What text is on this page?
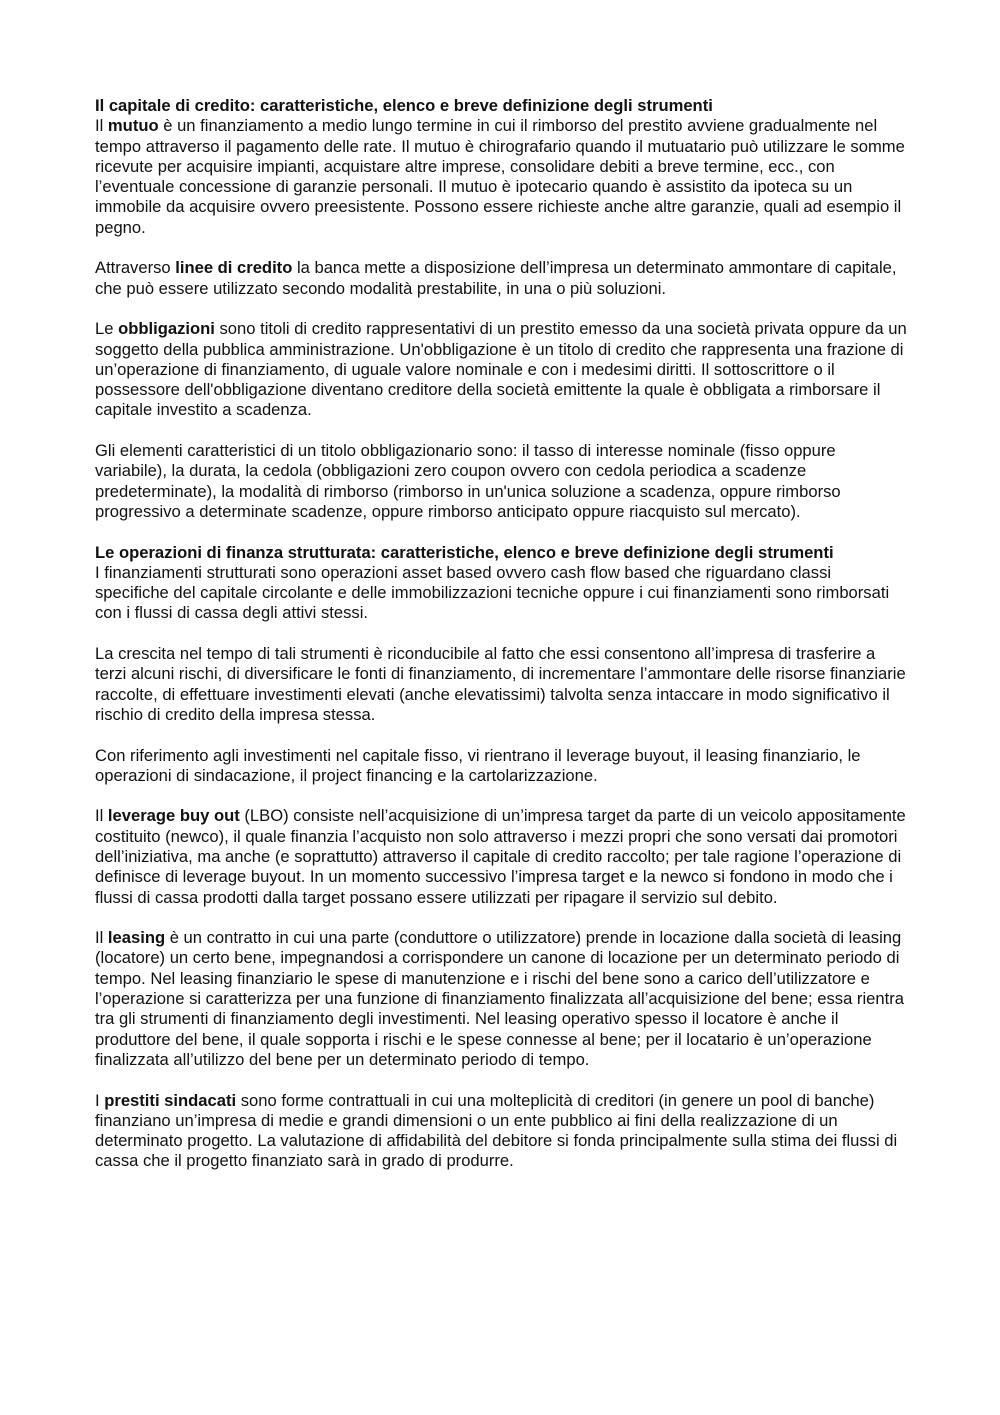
Il capitale di credito: caratteristiche, elenco e breve definizione degli strumenti

Il mutuo è un finanziamento a medio lungo termine in cui il rimborso del prestito avviene gradualmente nel tempo attraverso il pagamento delle rate. Il mutuo è chirografario quando il mutuatario può utilizzare le somme ricevute per acquisire impianti, acquistare altre imprese, consolidare debiti a breve termine, ecc., con l’eventuale concessione di garanzie personali. Il mutuo è ipotecario quando è assistito da ipoteca su un immobile da acquisire ovvero preesistente. Possono essere richieste anche altre garanzie, quali ad esempio il pegno.

Attraverso linee di credito la banca mette a disposizione dell’impresa un determinato ammontare di capitale, che può essere utilizzato secondo modalità prestabilite, in una o più soluzioni.

Le obbligazioni sono titoli di credito rappresentativi di un prestito emesso da una società privata oppure da un soggetto della pubblica amministrazione. Un'obbligazione è un titolo di credito che rappresenta una frazione di un’operazione di finanziamento, di uguale valore nominale e con i medesimi diritti. Il sottoscrittore o il possessore dell'obbligazione diventano creditore della società emittente la quale è obbligata a rimborsare il capitale investito a scadenza.

Gli elementi caratteristici di un titolo obbligazionario sono: il tasso di interesse nominale (fisso oppure variabile), la durata, la cedola (obbligazioni zero coupon ovvero con cedola periodica a scadenze predeterminate), la modalità di rimborso (rimborso in un'unica soluzione a scadenza, oppure rimborso progressivo a determinate scadenze, oppure rimborso anticipato oppure riacquisto sul mercato).

Le operazioni di finanza strutturata: caratteristiche, elenco e breve definizione degli strumenti

I finanziamenti strutturati sono operazioni asset based ovvero cash flow based che riguardano classi specifiche del capitale circolante e delle immobilizzazioni tecniche oppure i cui finanziamenti sono rimborsati con i flussi di cassa degli attivi stessi.

La crescita nel tempo di tali strumenti è riconducibile al fatto che essi consentono all’impresa di trasferire a terzi alcuni rischi, di diversificare le fonti di finanziamento, di incrementare l’ammontare delle risorse finanziarie raccolte, di effettuare investimenti elevati (anche elevatissimi) talvolta senza intaccare in modo significativo il rischio di credito della impresa stessa.

Con riferimento agli investimenti nel capitale fisso, vi rientrano il leverage buyout, il leasing finanziario, le operazioni di sindacazione, il project financing e la cartolarizzazione.

Il leverage buy out (LBO) consiste nell’acquisizione di un’impresa target da parte di un veicolo appositamente costituito (newco), il quale finanzia l’acquisto non solo attraverso i mezzi propri che sono versati dai promotori dell’iniziativa, ma anche (e soprattutto) attraverso il capitale di credito raccolto; per tale ragione l’operazione di definisce di leverage buyout. In un momento successivo l’impresa target e la newco si fondono in modo che i flussi di cassa prodotti dalla target possano essere utilizzati per ripagare il servizio sul debito.

Il leasing è un contratto in cui una parte (conduttore o utilizzatore) prende in locazione dalla società di leasing (locatore) un certo bene, impegnandosi a corrispondere un canone di locazione per un determinato periodo di tempo. Nel leasing finanziario le spese di manutenzione e i rischi del bene sono a carico dell’utilizzatore e l’operazione si caratterizza per una funzione di finanziamento finalizzata all’acquisizione del bene; essa rientra tra gli strumenti di finanziamento degli investimenti. Nel leasing operativo spesso il locatore è anche il produttore del bene, il quale sopporta i rischi e le spese connesse al bene; per il locatario è un’operazione finalizzata all’utilizzo del bene per un determinato periodo di tempo.

I prestiti sindacati sono forme contrattuali in cui una molteplicità di creditori (in genere un pool di banche) finanziano un’impresa di medie e grandi dimensioni o un ente pubblico ai fini della realizzazione di un determinato progetto. La valutazione di affidabilità del debitore si fonda principalmente sulla stima dei flussi di cassa che il progetto finanziato sarà in grado di produrre.
